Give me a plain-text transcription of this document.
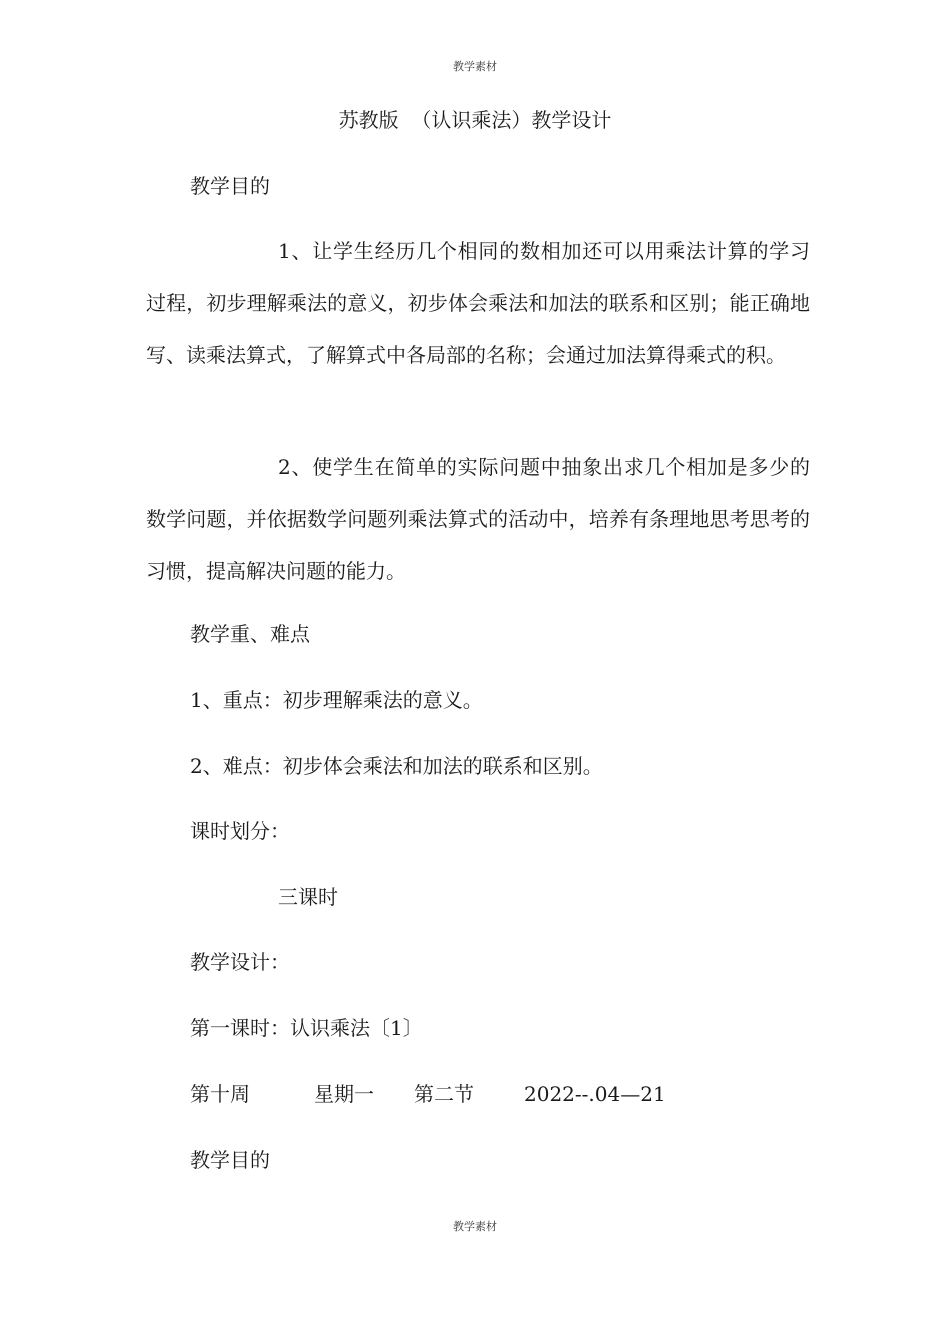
教学素材
苏教版  （认识乘法）教学设计
教学目的
1、让学生经历几个相同的数相加还可以用乘法计算的学习过程，初步理解乘法的意义，初步体会乘法和加法的联系和区别；能正确地写、读乘法算式，了解算式中各局部的名称；会通过加法算得乘式的积。
2、使学生在简单的实际问题中抽象出求几个相加是多少的数学问题，并依据数学问题列乘法算式的活动中，培养有条理地思考思考的习惯，提高解决问题的能力。
教学重、难点
1、重点：初步理解乘法的意义。
2、难点：初步体会乘法和加法的联系和区别。
课时划分：
三课时
教学设计：
第一课时：认识乘法〔1〕
第十周	星期一 第二节	2022--.04—21
教学目的
教学素材
